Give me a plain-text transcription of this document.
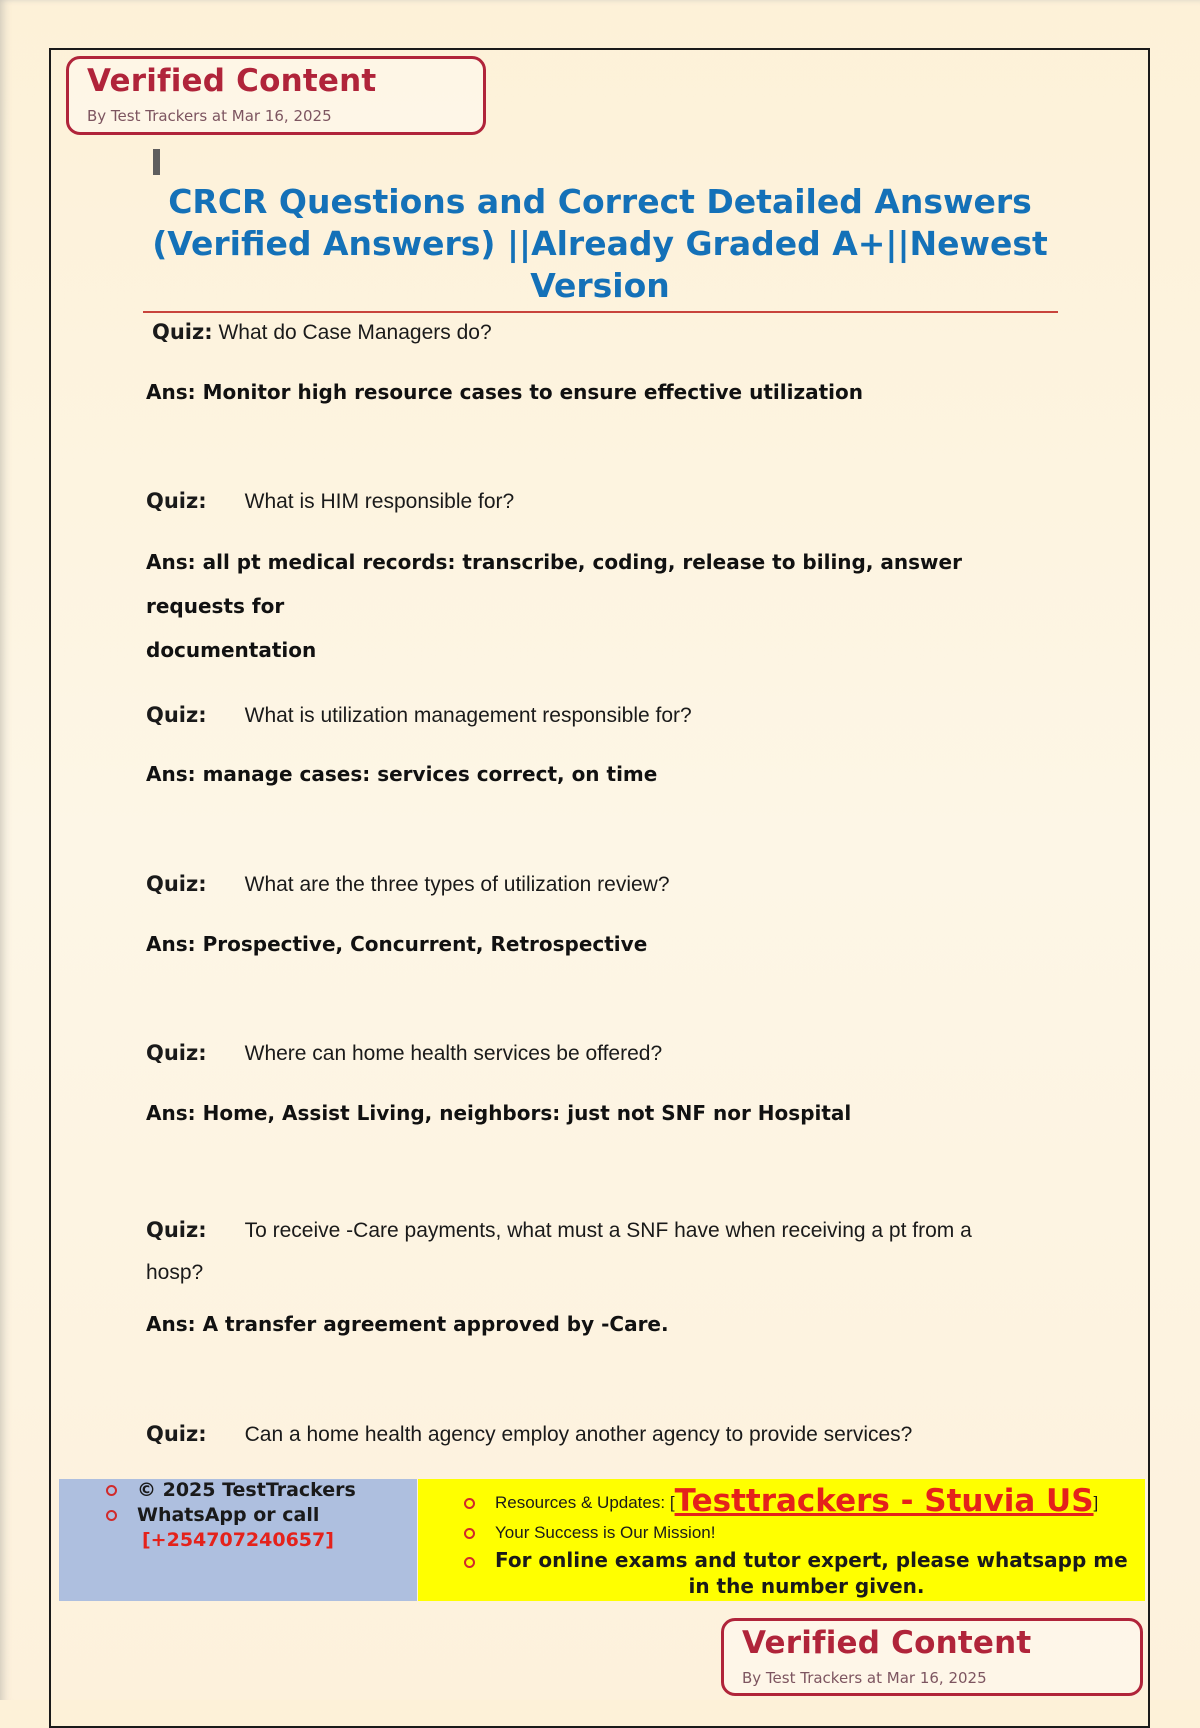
Verified Content
By Test Trackers at Mar 16, 2025
CRCR Questions and Correct Detailed Answers
(Verified Answers) ||Already Graded A+||Newest
Version
Quiz: What do Case Managers do?
Ans: Monitor high resource cases to ensure effective utilization
Quiz: What is HIM responsible for?
Ans: all pt medical records: transcribe, coding, release to biling, answer requests for
documentation
Quiz: What is utilization management responsible for?
Ans: manage cases: services correct, on time
Quiz: What are the three types of utilization review?
Ans: Prospective, Concurrent, Retrospective
Quiz: Where can home health services be offered?
Ans: Home, Assist Living, neighbors: just not SNF nor Hospital
Quiz: To receive -Care payments, what must a SNF have when receiving a pt from a
hosp?
Ans: A transfer agreement approved by -Care.
Quiz: Can a home health agency employ another agency to provide services?
© 2025 TestTrackers
WhatsApp or call
[+254707240657]
Resources & Updates: [Testtrackers - Stuvia US]
Your Success is Our Mission!
For online exams and tutor expert, please whatsapp me
in the number given.
Verified Content
By Test Trackers at Mar 16, 2025
